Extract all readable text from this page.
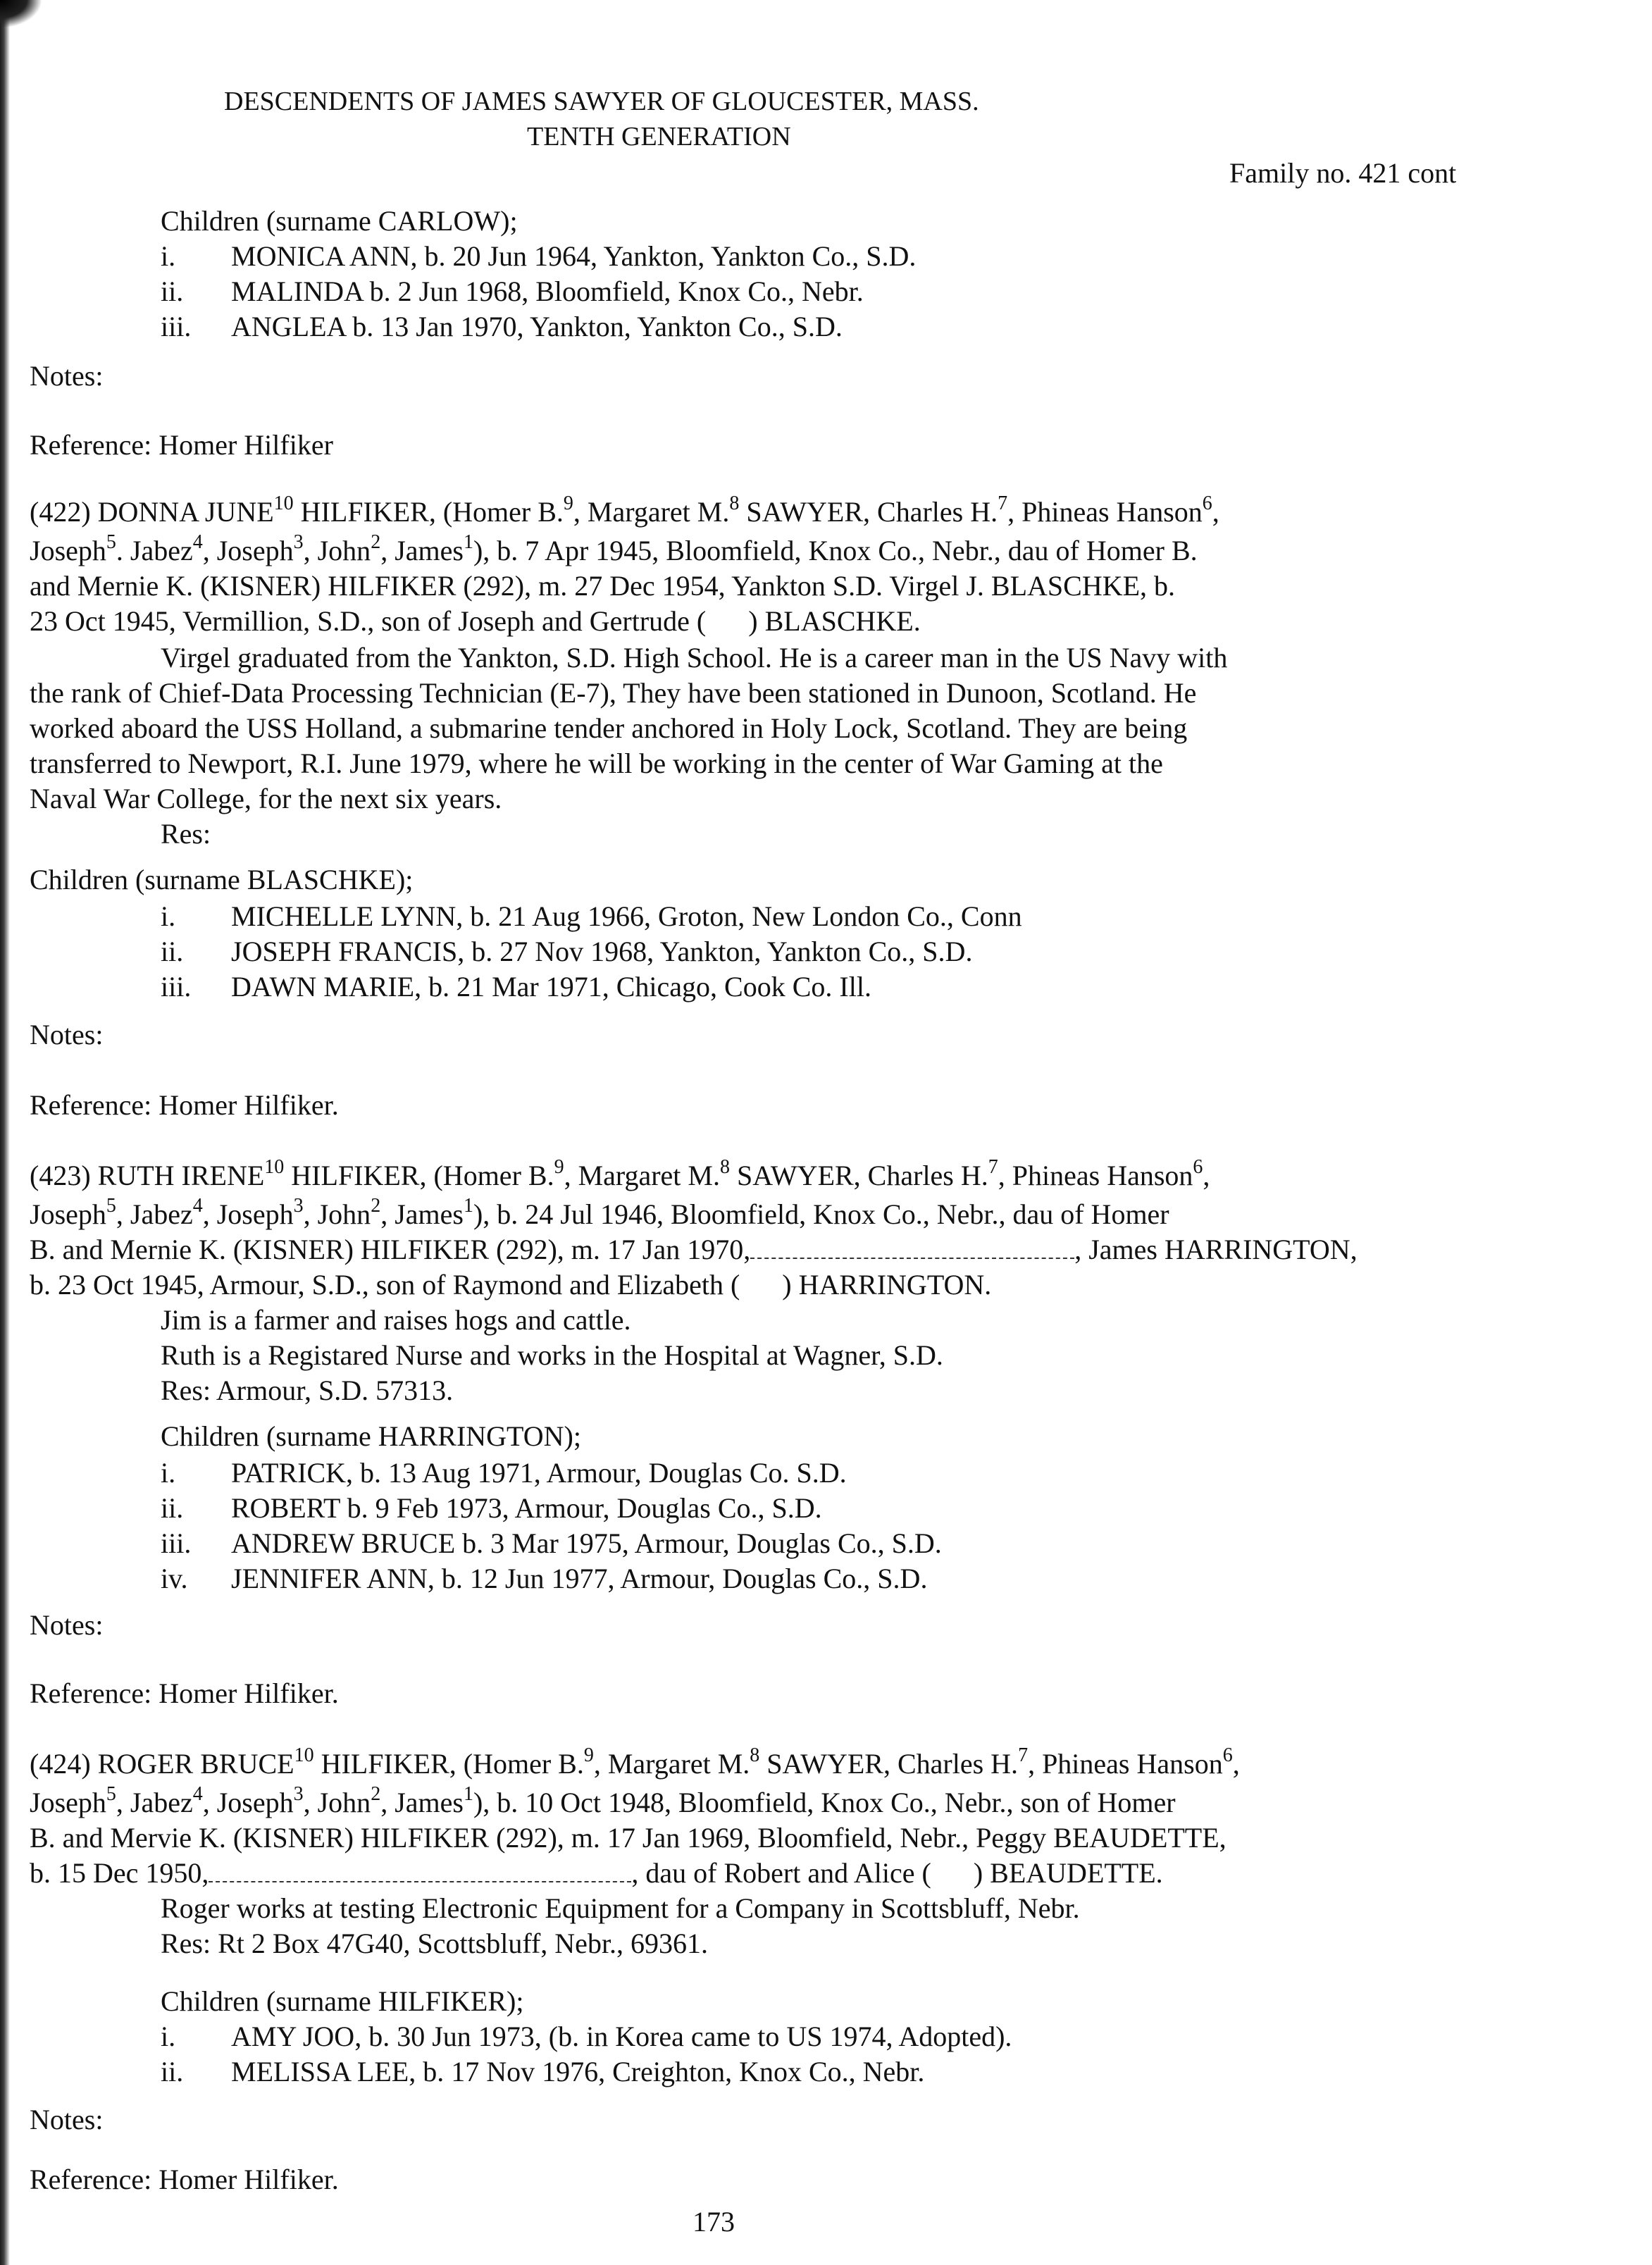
DESCENDENTS OF JAMES SAWYER OF GLOUCESTER, MASS.
TENTH GENERATION
Family no. 421 cont
Children (surname CARLOW);
i. MONICA ANN, b. 20 Jun 1964, Yankton, Yankton Co., S.D.
ii. MALINDA b. 2 Jun 1968, Bloomfield, Knox Co., Nebr.
iii. ANGLEA b. 13 Jan 1970, Yankton, Yankton Co., S.D.
Notes:
Reference: Homer Hilfiker
(422) DONNA JUNE$^{10}$ HILFIKER, (Homer B.$^9$, Margaret M.$^8$ SAWYER, Charles H.$^7$, Phineas Hanson$^6$,
Joseph$^5$. Jabez$^4$, Joseph$^3$, John$^2$, James$^1$), b. 7 Apr 1945, Bloomfield, Knox Co., Nebr., dau of Homer B.
and Mernie K. (KISNER) HILFIKER (292), m. 27 Dec 1954, Yankton S.D. Virgel J. BLASCHKE, b.
23 Oct 1945, Vermillion, S.D., son of Joseph and Gertrude ( ) BLASCHKE.
Virgel graduated from the Yankton, S.D. High School. He is a career man in the US Navy with
the rank of Chief-Data Processing Technician (E-7), They have been stationed in Dunoon, Scotland. He
worked aboard the USS Holland, a submarine tender anchored in Holy Lock, Scotland. They are being
transferred to Newport, R.I. June 1979, where he will be working in the center of War Gaming at the
Naval War College, for the next six years.
Res:
Children (surname BLASCHKE);
i. MICHELLE LYNN, b. 21 Aug 1966, Groton, New London Co., Conn
ii. JOSEPH FRANCIS, b. 27 Nov 1968, Yankton, Yankton Co., S.D.
iii. DAWN MARIE, b. 21 Mar 1971, Chicago, Cook Co. Ill.
Notes:
Reference: Homer Hilfiker.
(423) RUTH IRENE$^{10}$ HILFIKER, (Homer B.$^9$, Margaret M.$^8$ SAWYER, Charles H.$^7$, Phineas Hanson$^6$,
Joseph$^5$, Jabez$^4$, Joseph$^3$, John$^2$, James$^1$), b. 24 Jul 1946, Bloomfield, Knox Co., Nebr., dau of Homer
B. and Mernie K. (KISNER) HILFIKER (292), m. 17 Jan 1970,	, James HARRINGTON,
b. 23 Oct 1945, Armour, S.D., son of Raymond and Elizabeth ( ) HARRINGTON.
Jim is a farmer and raises hogs and cattle.
Ruth is a Registared Nurse and works in the Hospital at Wagner, S.D.
Res: Armour, S.D. 57313.
Children (surname HARRINGTON);
i. PATRICK, b. 13 Aug 1971, Armour, Douglas Co. S.D.
ii. ROBERT b. 9 Feb 1973, Armour, Douglas Co., S.D.
iii. ANDREW BRUCE b. 3 Mar 1975, Armour, Douglas Co., S.D.
iv. JENNIFER ANN, b. 12 Jun 1977, Armour, Douglas Co., S.D.
Notes:
Reference: Homer Hilfiker.
(424) ROGER BRUCE$^{10}$ HILFIKER, (Homer B.$^9$, Margaret M.$^8$ SAWYER, Charles H.$^7$, Phineas Hanson$^6$,
Joseph$^5$, Jabez$^4$, Joseph$^3$, John$^2$, James$^1$), b. 10 Oct 1948, Bloomfield, Knox Co., Nebr., son of Homer
B. and Mervie K. (KISNER) HILFIKER (292), m. 17 Jan 1969, Bloomfield, Nebr., Peggy BEAUDETTE,
b. 15 Dec 1950,	, dau of Robert and Alice ( ) BEAUDETTE.
Roger works at testing Electronic Equipment for a Company in Scottsbluff, Nebr.
Res: Rt 2 Box 47G40, Scottsbluff, Nebr., 69361.
Children (surname HILFIKER);
i. AMY JOO, b. 30 Jun 1973, (b. in Korea came to US 1974, Adopted).
ii. MELISSA LEE, b. 17 Nov 1976, Creighton, Knox Co., Nebr.
Notes:
Reference: Homer Hilfiker.
173
